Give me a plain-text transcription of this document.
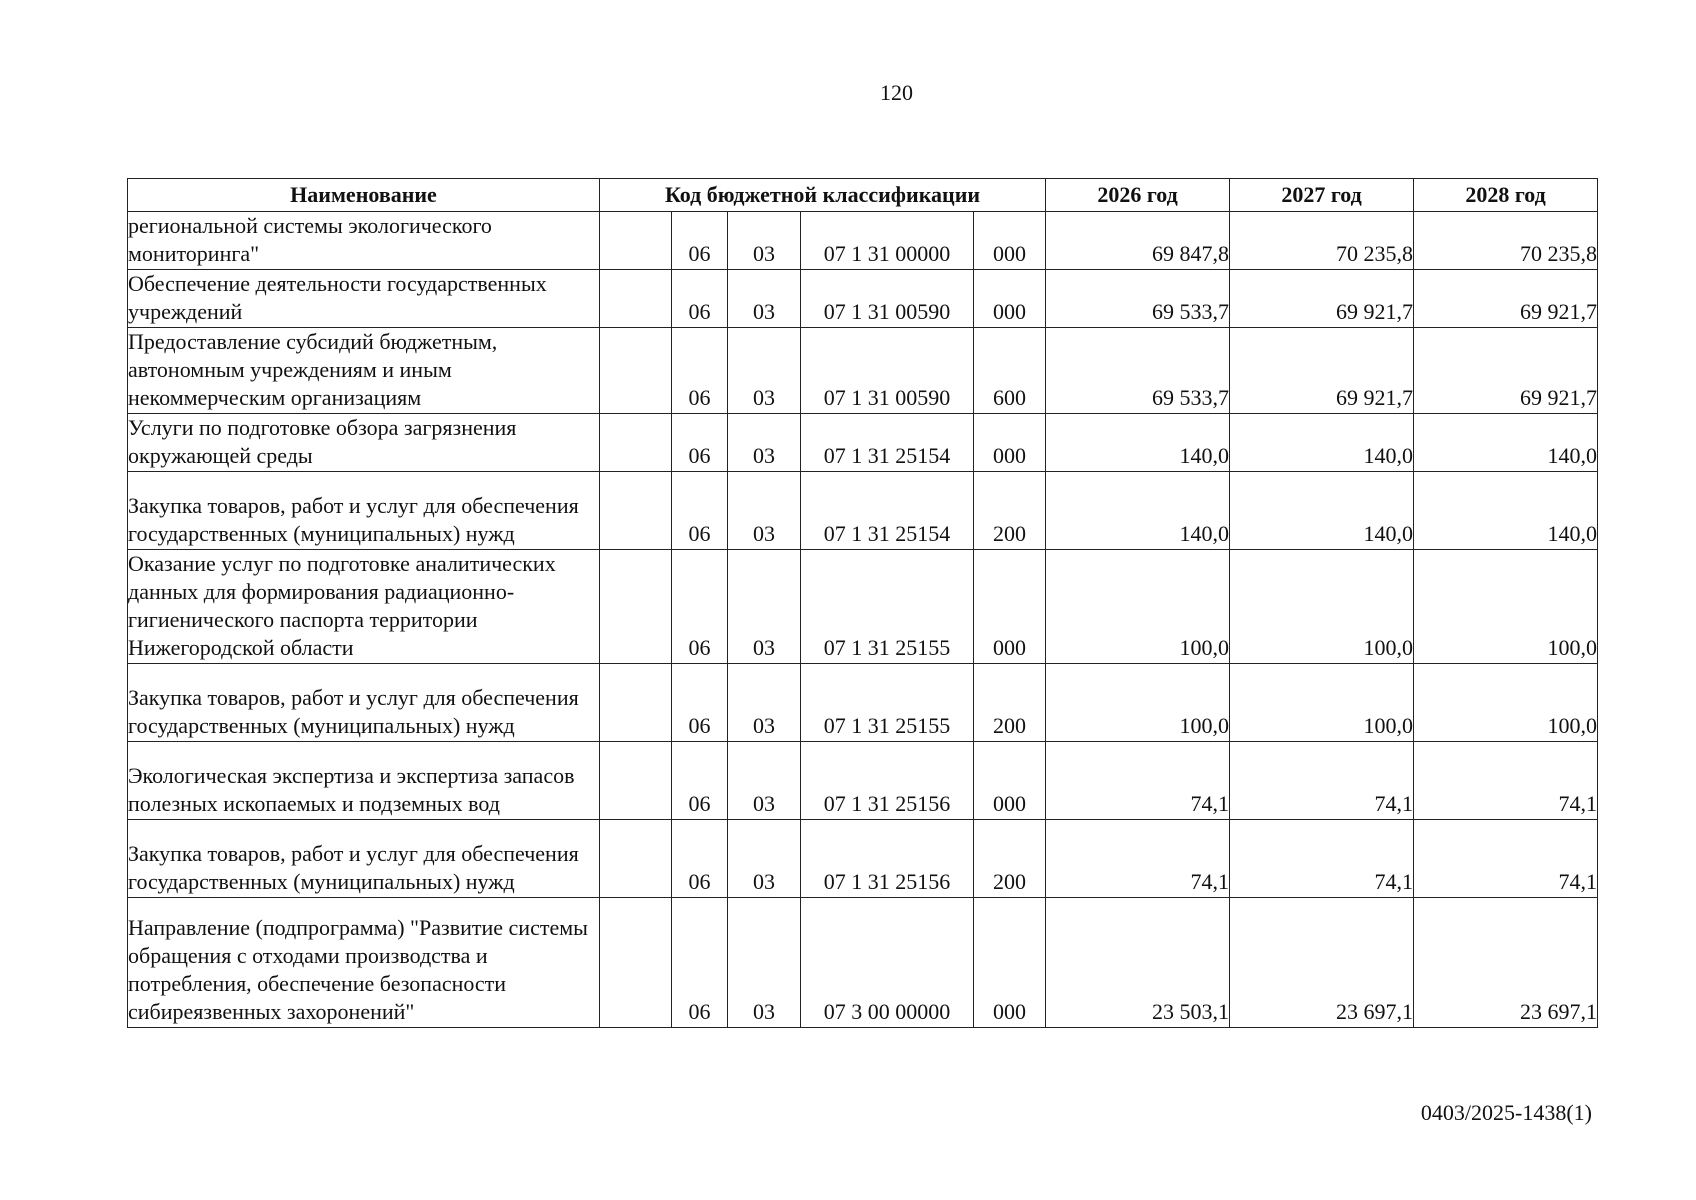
120
Наименование	Код бюджетной классификации					2026 год	2027 год	2028 год
региональной системы экологического мониторинга"		06	03	07 1 31 00000	000	69 847,8	70 235,8	70 235,8
Обеспечение деятельности государственных учреждений		06	03	07 1 31 00590	000	69 533,7	69 921,7	69 921,7
Предоставление субсидий бюджетным, автономным учреждениям и иным некоммерческим организациям		06	03	07 1 31 00590	600	69 533,7	69 921,7	69 921,7
Услуги по подготовке обзора загрязнения окружающей среды		06	03	07 1 31 25154	000	140,0	140,0	140,0
Закупка товаров, работ и услуг для обеспечения государственных (муниципальных) нужд		06	03	07 1 31 25154	200	140,0	140,0	140,0
Оказание услуг по подготовке аналитических данных для формирования радиационно-гигиенического паспорта территории Нижегородской области		06	03	07 1 31 25155	000	100,0	100,0	100,0
Закупка товаров, работ и услуг для обеспечения государственных (муниципальных) нужд		06	03	07 1 31 25155	200	100,0	100,0	100,0
Экологическая экспертиза и экспертиза запасов полезных ископаемых и подземных вод		06	03	07 1 31 25156	000	74,1	74,1	74,1
Закупка товаров, работ и услуг для обеспечения государственных (муниципальных) нужд		06	03	07 1 31 25156	200	74,1	74,1	74,1
Направление (подпрограмма) "Развитие системы обращения с отходами производства и потребления, обеспечение безопасности сибиреязвенных захоронений"		06	03	07 3 00 00000	000	23 503,1	23 697,1	23 697,1
0403/2025-1438(1)
